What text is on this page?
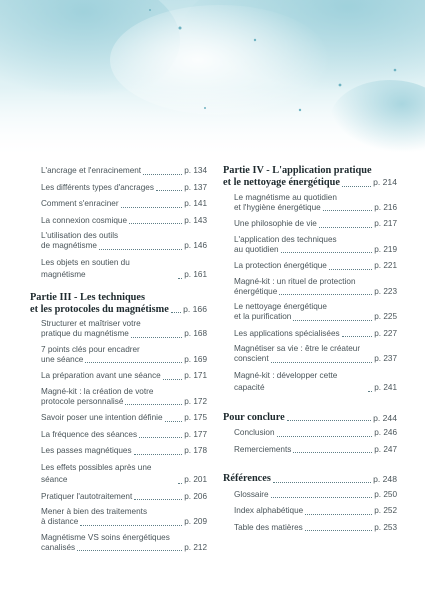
L'ancrage et l'enracinement	p. 134
Les différents types d'ancrages	p. 137
Comment s'enraciner	p. 141
La connexion cosmique	p. 143
L'utilisation des outils
de magnétisme	p. 146
Les objets en soutien du magnétisme	p. 161
Partie III - Les techniques
et les protocoles du magnétisme p. 166
Structurer et maîtriser votre
pratique du magnétisme	p. 168
7 points clés pour encadrer
une séance	p. 169
La préparation avant une séance	p. 171
Magné-kit : la création de votre
protocole personnalisé	p. 172
Savoir poser une intention définie	p. 175
La fréquence des séances	p. 177
Les passes magnétiques	p. 178
Les effets possibles après une séance	p. 201
Pratiquer l'autotraitement	p. 206
Mener à bien des traitements
à distance	p. 209
Magnétisme VS soins énergétiques
canalisés	p. 212
Partie IV - L'application pratique
et le nettoyage énergétique	p. 214
Le magnétisme au quotidien
et l'hygiène énergétique	p. 216
Une philosophie de vie	p. 217
L'application des techniques
au quotidien	p. 219
La protection énergétique	p. 221
Magné-kit : un rituel de protection
énergétique	p. 223
Le nettoyage énergétique
et la purification	p. 225
Les applications spécialisées	p. 227
Magnétiser sa vie : être le créateur
conscient	p. 237
Magné-kit : développer cette capacité	p. 241
Pour conclure	p. 244
Conclusion	p. 246
Remerciements	p. 247
Références	p. 248
Glossaire	p. 250
Index alphabétique	p. 252
Table des matières	p. 253
